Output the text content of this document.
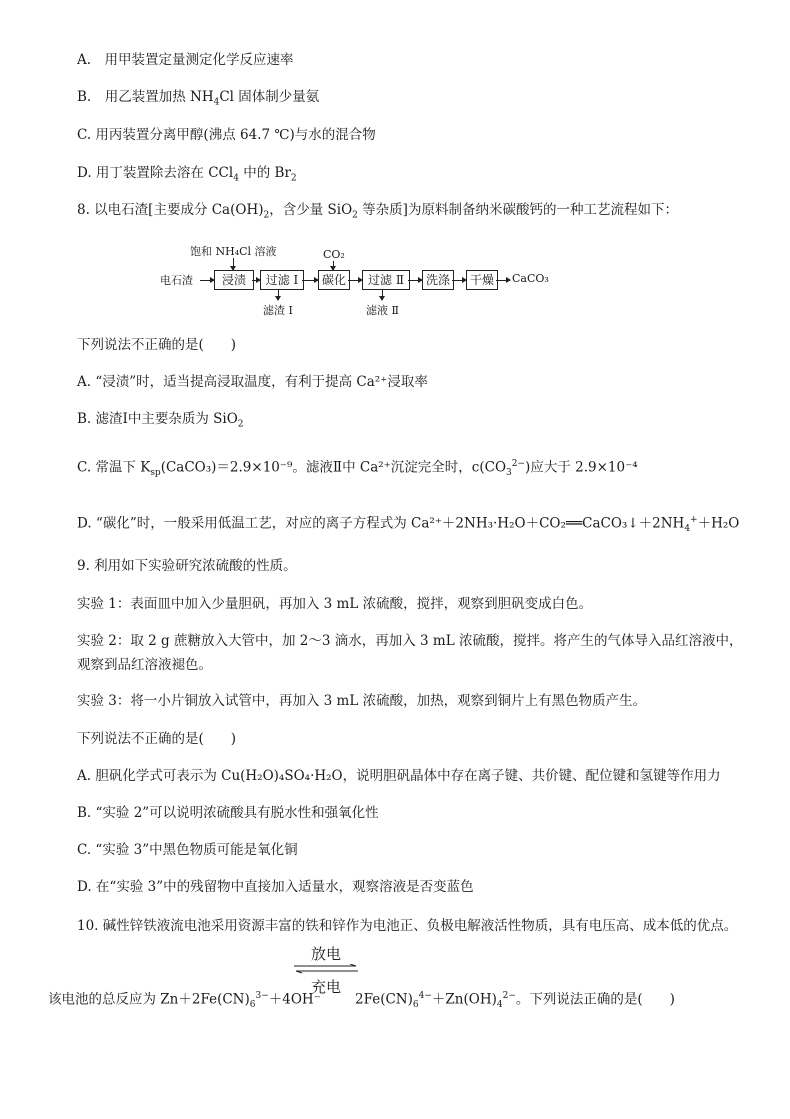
A.　用甲装置定量测定化学反应速率
B.　用乙装置加热 $NH_4Cl$ 固体制少量氨
C. 用丙装置分离甲醇(沸点 64.7 ℃)与水的混合物
D. 用丁装置除去溶在 CCl$_4$ 中的 $Br_2$
8. 以电石渣[主要成分 $Ca(OH)_2$，含少量 SiO$_2$ 等杂质]为原料制备纳米碳酸钙的一种工艺流程如下：
电石渣
饱和 NH₄Cl 溶液
浸渍	过滤 Ⅰ
滤渣 Ⅰ
CO₂
碳化	过滤 Ⅱ
滤液 Ⅱ
洗涤	干燥	CaCO₃
下列说法不正确的是(　　)
A. “浸渍”时，适当提高浸取温度，有利于提高 Ca²⁺浸取率
B. 滤渣Ⅰ中主要杂质为 SiO$_2$
C. 常温下 $K_{sp}(CaCO_3)=2.9\times 10^{-9}$。滤液Ⅱ中 Ca²⁺沉淀完全时，$c(CO_3^{2-})$应大于 2.9×10⁻⁴
D. “碳化”时，一般采用低温工艺，对应的离子方程式为 $Ca^{2+}+2NH_3\cdot H_2O+CO_2══CaCO_3↓+2NH_4^++H_2O$
9. 利用如下实验研究浓硫酸的性质。
实验 1：表面皿中加入少量胆矾，再加入 3 mL 浓硫酸，搅拌，观察到胆矾变成白色。
实验 2：取 2 g 蔗糖放入大管中，加 2～3 滴水，再加入 3 mL 浓硫酸，搅拌。将产生的气体导入品红溶液中，
观察到品红溶液褪色。
实验 3：将一小片铜放入试管中，再加入 3 mL 浓硫酸，加热，观察到铜片上有黑色物质产生。
下列说法不正确的是(　　)
A. 胆矾化学式可表示为 Cu(H₂O)₄SO₄·H₂O，说明胆矾晶体中存在离子键、共价键、配位键和氢键等作用力
B. “实验 2”可以说明浓硫酸具有脱水性和强氧化性
C. “实验 3”中黑色物质可能是氧化铜
D. 在“实验 3”中的残留物中直接加入适量水，观察溶液是否变蓝色
10. 碱性锌铁液流电池采用资源丰富的铁和锌作为电池正、负极电解液活性物质，具有电压高、成本低的优点。
该电池的总反应为 $Zn+2Fe(CN)_6^{3-}+4OH^-$
放电
充电
$2Fe(CN)_6^{4-}+Zn(OH)_4^{2-}$。下列说法正确的是(　　)
